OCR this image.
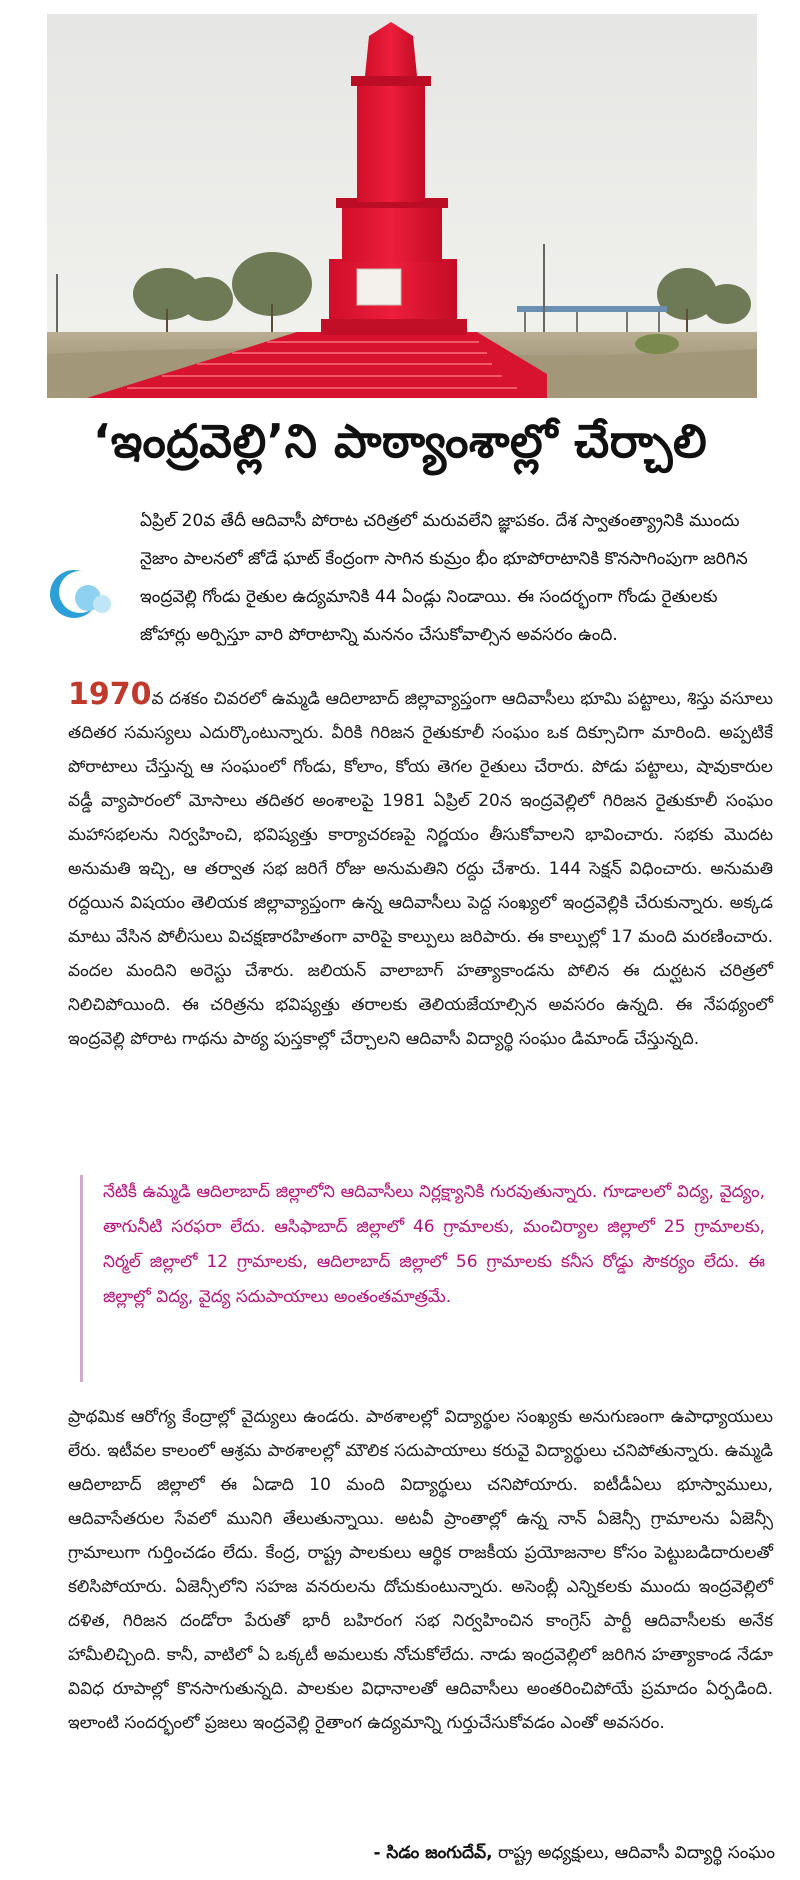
‘ఇంద్రవెల్లి’ని పాఠ్యాంశాల్లో చేర్చాలి
ఏప్రిల్ 20వ తేదీ ఆదివాసీ పోరాట చరిత్రలో మరువలేని జ్ఞాపకం. దేశ స్వాతంత్య్రానికి ముందు నైజాం పాలనలో జోడే ఘాట్ కేంద్రంగా సాగిన కుమ్రం భీం భూపోరాటానికి కొనసాగింపుగా జరిగిన ఇంద్రవెల్లి గోండు రైతుల ఉద్యమానికి 44 ఏండ్లు నిండాయి. ఈ సందర్భంగా గోండు రైతులకు జోహార్లు అర్పిస్తూ వారి పోరాటాన్ని మననం చేసుకోవాల్సిన అవసరం ఉంది.

1970వ దశకం చివరలో ఉమ్మడి ఆదిలాబాద్ జిల్లావ్యాప్తంగా ఆదివాసీలు భూమి పట్టాలు, శిస్తు వసూలు తదితర సమస్యలు ఎదుర్కొంటున్నారు. వీరికి గిరిజన రైతుకూలీ సంఘం ఒక దిక్సూచిగా మారింది. అప్పటికే పోరాటాలు చేస్తున్న ఆ సంఘంలో గోండు, కోలాం, కోయ తెగల రైతులు చేరారు. పోడు పట్టాలు, షావుకారుల వడ్డీ వ్యాపారంలో మోసాలు తదితర అంశాలపై 1981 ఏప్రిల్ 20న ఇంద్రవెల్లిలో గిరిజన రైతుకూలీ సంఘం మహాసభలను నిర్వహించి, భవిష్యత్తు కార్యాచరణపై నిర్ణయం తీసుకోవాలని భావించారు. సభకు మొదట అనుమతి ఇచ్చి, ఆ తర్వాత సభ జరిగే రోజు అనుమతిని రద్దు చేశారు. 144 సెక్షన్ విధించారు. అనుమతి రద్దయిన విషయం తెలియక జిల్లావ్యాప్తంగా ఉన్న ఆదివాసీలు పెద్ద సంఖ్యలో ఇంద్రవెల్లికి చేరుకున్నారు. అక్కడ మాటు వేసిన పోలీసులు విచక్షణారహితంగా వారిపై కాల్పులు జరిపారు. ఈ కాల్పుల్లో 17 మంది మరణించారు. వందల మందిని అరెస్టు చేశారు. జలియన్ వాలాబాగ్ హత్యాకాండను పోలిన ఈ దుర్ఘటన చరిత్రలో నిలిచిపోయింది. ఈ చరిత్రను భవిష్యత్తు తరాలకు తెలియజేయాల్సిన అవసరం ఉన్నది. ఈ నేపథ్యంలో ఇంద్రవెల్లి పోరాట గాథను పాఠ్య పుస్తకాల్లో చేర్చాలని ఆదివాసీ విద్యార్థి సంఘం డిమాండ్ చేస్తున్నది.

నేటికీ ఉమ్మడి ఆదిలాబాద్ జిల్లాలోని ఆదివాసీలు నిర్లక్ష్యానికి గురవుతున్నారు. గూడాలలో విద్య, వైద్యం, తాగునీటి సరఫరా లేదు. ఆసిఫాబాద్ జిల్లాలో 46 గ్రామాలకు, మంచిర్యాల జిల్లాలో 25 గ్రామాలకు, నిర్మల్ జిల్లాలో 12 గ్రామాలకు, ఆదిలాబాద్ జిల్లాలో 56 గ్రామాలకు కనీస రోడ్డు సౌకర్యం లేదు. ఈ జిల్లాల్లో విద్య, వైద్య సదుపాయాలు అంతంతమాత్రమే.

ప్రాథమిక ఆరోగ్య కేంద్రాల్లో వైద్యులు ఉండరు. పాఠశాలల్లో విద్యార్థుల సంఖ్యకు అనుగుణంగా ఉపాధ్యాయులు లేరు. ఇటీవల కాలంలో ఆశ్రమ పాఠశాలల్లో మౌలిక సదుపాయాలు కరువై విద్యార్థులు చనిపోతున్నారు. ఉమ్మడి ఆదిలాబాద్ జిల్లాలో ఈ ఏడాది 10 మంది విద్యార్థులు చనిపోయారు. ఐటీడీఏలు భూస్వాములు, ఆదివాసేతరుల సేవలో మునిగి తేలుతున్నాయి. అటవీ ప్రాంతాల్లో ఉన్న నాన్ ఏజెన్సీ గ్రామాలను ఏజెన్సీ గ్రామాలుగా గుర్తించడం లేదు. కేంద్ర, రాష్ట్ర పాలకులు ఆర్థిక రాజకీయ ప్రయోజనాల కోసం పెట్టుబడిదారులతో కలిసిపోయారు. ఏజెన్సీలోని సహజ వనరులను దోచుకుంటున్నారు. అసెంబ్లీ ఎన్నికలకు ముందు ఇంద్రవెల్లిలో దళిత, గిరిజన దండోరా పేరుతో భారీ బహిరంగ సభ నిర్వహించిన కాంగ్రెస్ పార్టీ ఆదివాసీలకు అనేక హామీలిచ్చింది. కానీ, వాటిలో ఏ ఒక్కటీ అమలుకు నోచుకోలేదు. నాడు ఇంద్రవెల్లిలో జరిగిన హత్యాకాండ నేడూ వివిధ రూపాల్లో కొనసాగుతున్నది. పాలకుల విధానాలతో ఆదివాసీలు అంతరించిపోయే ప్రమాదం ఏర్పడింది. ఇలాంటి సందర్భంలో ప్రజలు ఇంద్రవెల్లి రైతాంగ ఉద్యమాన్ని గుర్తుచేసుకోవడం ఎంతో అవసరం.

- సిడం జంగుదేవ్, రాష్ట్ర అధ్యక్షులు, ఆదివాసీ విద్యార్థి సంఘం
